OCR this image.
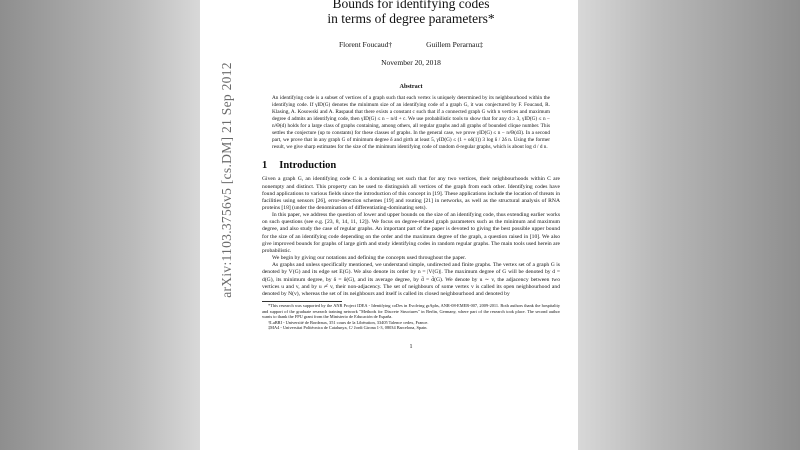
arXiv:1103.3756v5 [cs.DM] 21 Sep 2012
Bounds for identifying codes
in terms of degree parameters*
Florent Foucaud†	Guillem Perarnau‡
November 20, 2018
Abstract
An identifying code is a subset of vertices of a graph such that each vertex is uniquely determined by its neighbourhood within the identifying code. If γID(G) denotes the minimum size of an identifying code of a graph G, it was conjectured by F. Foucaud, R. Klasing, A. Kosowski and A. Raspaud that there exists a constant c such that if a connected graph G with n vertices and maximum degree d admits an identifying code, then γID(G) ≤ n − n/d + c. We use probabilistic tools to show that for any d ≥ 3, γID(G) ≤ n − n/Θ(d) holds for a large class of graphs containing, among others, all regular graphs and all graphs of bounded clique number. This settles the conjecture (up to constants) for these classes of graphs. In the general case, we prove γID(G) ≤ n − n/Θ(d3). In a second part, we prove that in any graph G of minimum degree δ and girth at least 5, γID(G) ≤ (1 + oδ(1)) 3 log δ / 2δ n. Using the former result, we give sharp estimates for the size of the minimum identifying code of random d-regular graphs, which is about log d / d n.
1 Introduction

Given a graph G, an identifying code C is a dominating set such that for any two vertices, their neighbourhoods within C are nonempty and distinct. This property can be used to distinguish all vertices of the graph from each other. Identifying codes have found applications to various fields since the introduction of this concept in [19]. These applications include the location of threats in facilities using sensors [26], error-detection schemes [19] and routing [21] in networks, as well as the structural analysis of RNA proteins [18] (under the denomination of differentiating-dominating sets).

In this paper, we address the question of lower and upper bounds on the size of an identifying code, thus extending earlier works on such questions (see e.g. [23, 8, 14, 11, 12]). We focus on degree-related graph parameters such as the minimum and maximum degree, and also study the case of regular graphs. An important part of the paper is devoted to giving the best possible upper bound for the size of an identifying code depending on the order and the maximum degree of the graph, a question raised in [10]. We also give improved bounds for graphs of large girth and study identifying codes in random regular graphs. The main tools used herein are probabilistic.

We begin by giving our notations and defining the concepts used throughout the paper.

As graphs and unless specifically mentioned, we understand simple, undirected and finite graphs. The vertex set of a graph G is denoted by V(G) and its edge set E(G). We also denote its order by n = |V(G)|. The maximum degree of G will be denoted by d = d(G), its minimum degree, by δ = δ(G), and its average degree, by d̄ = d̄(G). We denote by u ∼ v, the adjacency between two vertices u and v, and by u ≁ v, their non-adjacency. The set of neighbours of some vertex v is called its open neighbourhood and denoted by N(v), whereas the set of its neighbours and itself is called its closed neighbourhood and denoted by

*This research was supported by the ANR Project IDEA - Identifying coDes in Evolving grAphs, ANR-08-EMER-007, 2009-2011. Both authors thank the hospitality and support of the graduate research training network "Methods for Discrete Structures" in Berlin, Germany, where part of the research took place. The second author wants to thank the FPU grant from the Ministerio de Educación de España.

†LaBRI - Université de Bordeaux, 351 cours de la Libération, 33405 Talence cedex, France.

‡MA4 - Universitat Politècnica de Catalunya, C/ Jordi Girona 1-3, 08034 Barcelona, Spain.

1
